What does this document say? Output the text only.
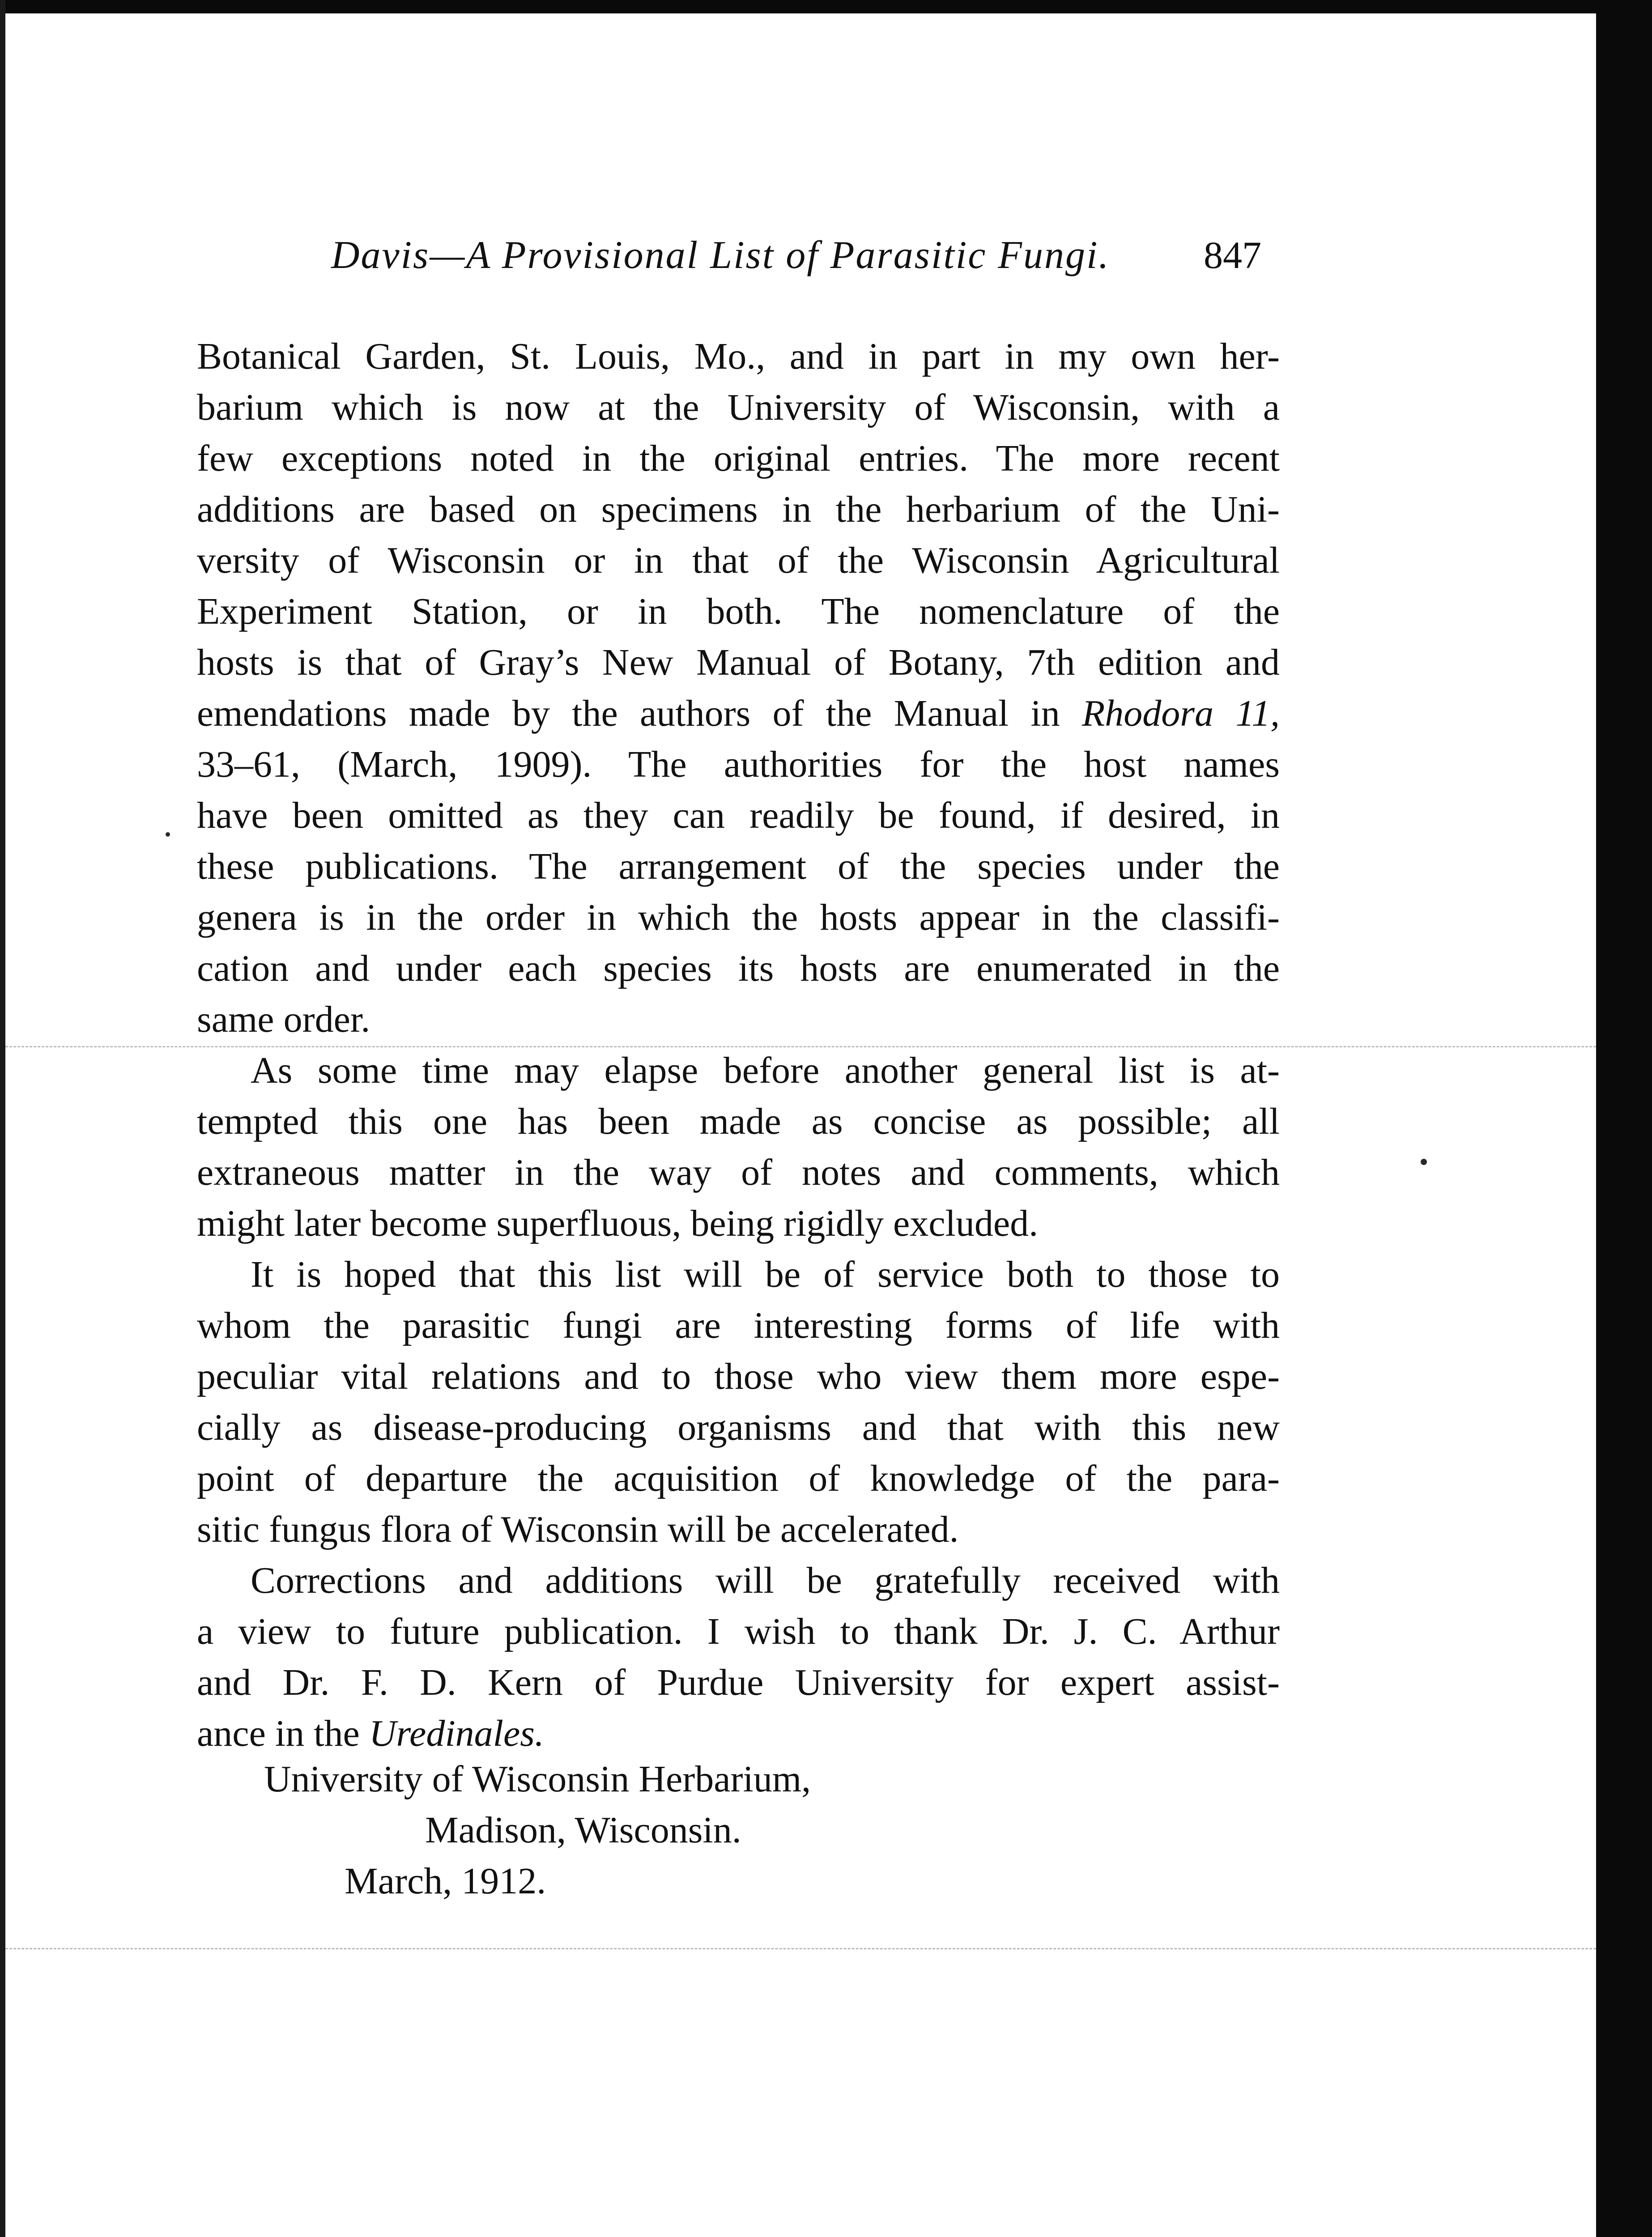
Davis—A Provisional List of Parasitic Fungi.	847
Botanical Garden, St. Louis, Mo., and in part in my own her-
barium which is now at the University of Wisconsin, with a
few exceptions noted in the original entries. The more recent
additions are based on specimens in the herbarium of the Uni-
versity of Wisconsin or in that of the Wisconsin Agricultural
Experiment Station, or in both. The nomenclature of the
hosts is that of Gray’s New Manual of Botany, 7th edition and
emendations made by the authors of the Manual in Rhodora 11,
33–61, (March, 1909). The authorities for the host names
have been omitted as they can readily be found, if desired, in
these publications. The arrangement of the species under the
genera is in the order in which the hosts appear in the classifi-
cation and under each species its hosts are enumerated in the
same order.
As some time may elapse before another general list is at-
tempted this one has been made as concise as possible; all
extraneous matter in the way of notes and comments, which
might later become superfluous, being rigidly excluded.
It is hoped that this list will be of service both to those to
whom the parasitic fungi are interesting forms of life with
peculiar vital relations and to those who view them more espe-
cially as disease-producing organisms and that with this new
point of departure the acquisition of knowledge of the para-
sitic fungus flora of Wisconsin will be accelerated.
Corrections and additions will be gratefully received with
a view to future publication. I wish to thank Dr. J. C. Arthur
and Dr. F. D. Kern of Purdue University for expert assist-
ance in the Uredinales.
University of Wisconsin Herbarium,
Madison, Wisconsin.
March, 1912.
